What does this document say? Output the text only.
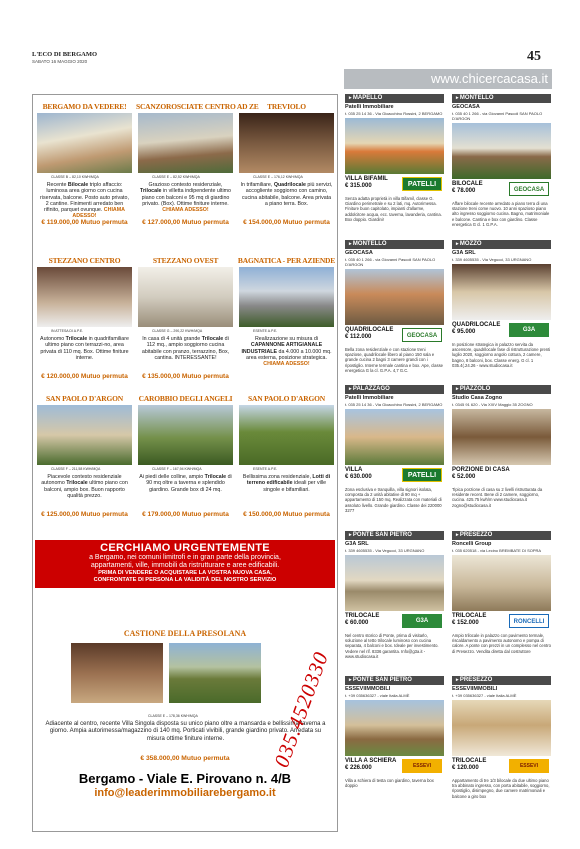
L'ECO DI BERGAMO
SABATO 16 MAGGIO 2020	45
www.chicercacasa.it
BERGAMO DA VEDERE!
CLASSE B – 82,10 KWH/MQA
Recente Bilocale triplo affaccio: luminosa area giorno con cucina riservata, balcone. Posto auto privato, 2 cantine. Finimenti arredato ben rifinito, parquet ovunque. CHIAMA ADESSO!
€ 119.000,00 Mutuo permuta
SCANZOROSCIATE CENTRO AD ZE
CLASSE E – 82,52 KWH/MQA
Grazioso contesto residenziale, Trilocale in villetta indipendente ultimo piano con balconi e 95 mq di giardino privato. (Box). Ottime finiture interne. CHIAMA ADESSO!
€ 127.000,00 Mutuo permuta
TREVIOLO
CLASSE E – 176,12 KWH/MQA
In trifamiliare, Quadrilocale più servizi, accogliente soggiorno con camino, cucina abitabile, balcone. Area privata a piano terra. Box.
€ 154.000,00 Mutuo permuta
STEZZANO CENTRO
IN ATTESA DI A.P.E.
Autonomo Trilocale in quadrifamiliare ultimo piano con terrazzi-no, area privata di 110 mq. Box. Ottime finiture interne.
€ 120.000,00 Mutuo permuta
STEZZANO OVEST
CLASSE G – 290,22 KWH/MQA
In casa di 4 unità grande Trilocale di 112 mq., ampio soggiorno cucina abitabile con pranzo, terrazzino, Box, cantina. INTERESSANTE!
€ 135.000,00 Mutuo permuta
BAGNATICA - PER AZIENDE
ESENTE A.P.E.
Realizzazione su misura di CAPANNONE ARTIGIANALE INDUSTRIALE da 4.000 a 10.000 mq. area esterna, posizione strategica. CHIAMA ADESSO!
SAN PAOLO D'ARGON
CLASSE F – 211,58 KWH/MQA
Piacevole contesto residenziale autonomo Trilocale ultimo piano con balconi, ampio box. Buon rapporto qualità prezzo.
€ 125.000,00 Mutuo permuta
CAROBBIO DEGLI ANGELI
CLASSE F – 167,94 KWH/MQA
Ai piedi delle colline, ampio Trilocale di 90 mq oltre a taverna e splendido giardino. Grande box di 24 mq.
€ 179.000,00 Mutuo permuta
SAN PAOLO D'ARGON
ESENTE A.P.E.
Bellissima zona residenziale, Lotti di terreno edificabile ideali per ville singole e bifamiliari.
€ 150.000,00 Mutuo permuta
CERCHIAMO URGENTEMENTE
a Bergamo, nei comuni limitrofi e in gran parte della provincia,
appartamenti, ville, immobili da ristrutturare e aree edificabili.
PRIMA DI VENDERE O ACQUISTARE LA VOSTRA NUOVA CASA,
CONFRONTATE DI PERSONA LA VALIDITÀ DEL NOSTRO SERVIZIO
CASTIONE DELLA PRESOLANA
CLASSE E – 178,36 KWH/MQA
Adiacente al centro, recente Villa Singola disposta su unico piano oltre a mansarda e bellissima taverna a giorno. Ampia autorimessa/magazzino di 140 mq. Porticati vivibili, grande giardino privato. Arredata su misura ottime finiture interne.
€ 358.000,00 Mutuo permuta	035.4520330
Bergamo - Viale E. Pirovano n. 4/B
info@leaderimmobiliarebergamo.it
▸ MAPELLO
Patelli Immobiliare
t. 035 25 14 36 - Via Gioacchino Rossini, 2 BERGAMO
VILLA BIFAMIL
€ 315.000	PATELLI
Senza adatta proprietà in villa Bifamil, classe G. Giardino perimetrale e su 2 lati, mq. Autorimessa. Finiture buon capitolato, impianti d'allarme, addolcitore acqua, ecc. taverna, lavanderia, cantina. Box doppio. Giardini!
▸ MONTELLO
GEOCASA
t. 035 40 1 266 - via Giovanni Pascoli SAN PAOLO D'ARGON
BILOCALE
€ 78.000	GEOCASA
Affare bilocale recente arredato a piano terra di una stazione treni come nuovo. 10 anni spazioso piano alto ingresso soggiorno cucina. Bagno, matrimoniale e balcone. Cantina e box con giardino. Classe energetica G cl. 1 G.P.A.
▸ MONTELLO
GEOCASA
t. 035 40 1 266 - via Giovanni Pascoli SAN PAOLO D'ARGON
QUADRILOCALE
€ 112.000	GEOCASA
Bella zona residenziale e con stazione treni spaziose, quadrilocale libero al piano 150 sala e grande cucina 2 bagni 3 camere grandi con i ripostiglio. Interne termale cantina e box. Ape, classe energetica G la cl. G.P.A. 4,7 G.C.
▸ MOZZO
G3A SRL
t. 339 4605535 - Via Vegucci, 33 URGNANO
QUADRILOCALE
€ 95.000	G3A
In posizione strategica in palazzo servita da ascensore, quadrilocale fase di ristrutturazione prenti luglio 2020, soggiorno angolo cottura, 2 camere, bagno, 8 balconi, box. Classe energ. G cl. 1 035.4(.24.26 - www.studiocasa.it
▸ PALAZZAGO
Patelli Immobiliare
t. 035 25 14 36 - Via Gioacchino Rossini, 2 BERGAMO
VILLA
€ 630.000	PATELLI
Zona esclusiva e tranquilla, villa signori isolata, composta da 2 unità abitative di 90 mq + appartamento di 150 mq. Realizzata con materiali di assoluto livello. Grande giardino. Classe dei 220000 3277
▸ PIAZZOLO
Studio Casa Zogno
t. 0345 91 620 - Via XXIV Maggio 35 ZOGNO
PORZIONE DI CASA
€ 52.000
Tipica porzione di casa su 2 livelli ristrutturata da residente recent. Bene di 2 camere, soggiorno, cucina. 425.75 kwh/m www.studiocasa.it zogno@studiocasa.it
▸ PONTE SAN PIETRO
G3A SRL
t. 339 4605535 - Via Vegucci, 33 URGNANO
TRILOCALE
€ 60.000	G3A
Nel centro storico di Ponte, prima di visitarlo, soluzione al tetto trilocale luminoso con cucina separata, 4 balconi e box. Ideale per investimento. Vedere nel rif. 8336 garantita. Info@g3a.it - www.studiocasa.it
▸ PRESEZZO
Roncelli Group
t. 035 620518 - via Lecino BREMBATE DI SOPRA
TRILOCALE
€ 152.000	RONCELLI
Ampio trilocale in palazzo con pavimento termale, riscaldamento a pavimento autonomo e pompa di calore. A ponte con prezzi in un complesso nel centro di Presezzo. Vendita diretta dal costruttore
▸ PONTE SAN PIETRO
ESSEVIIMMOBILI
t. +39 035636327 - viale Italia ALMÈ
VILLA A SCHIERA
€ 226.000	ESSEVI
Villa a schiera di testa con giardino, taverna box doppio
▸ PRESEZZO
ESSEVIIMMOBILI
t. +39 035636327 - viale Italia ALMÈ
TRILOCALE
€ 120.000	ESSEVI
Appartamento di tre 1/3 bilocale da due ultimo piano tra abbinato ingresso, con porta abitabile, soggiorno, ripostiglio, disimpegno, due camere matrimoniali e balcone a giro box
